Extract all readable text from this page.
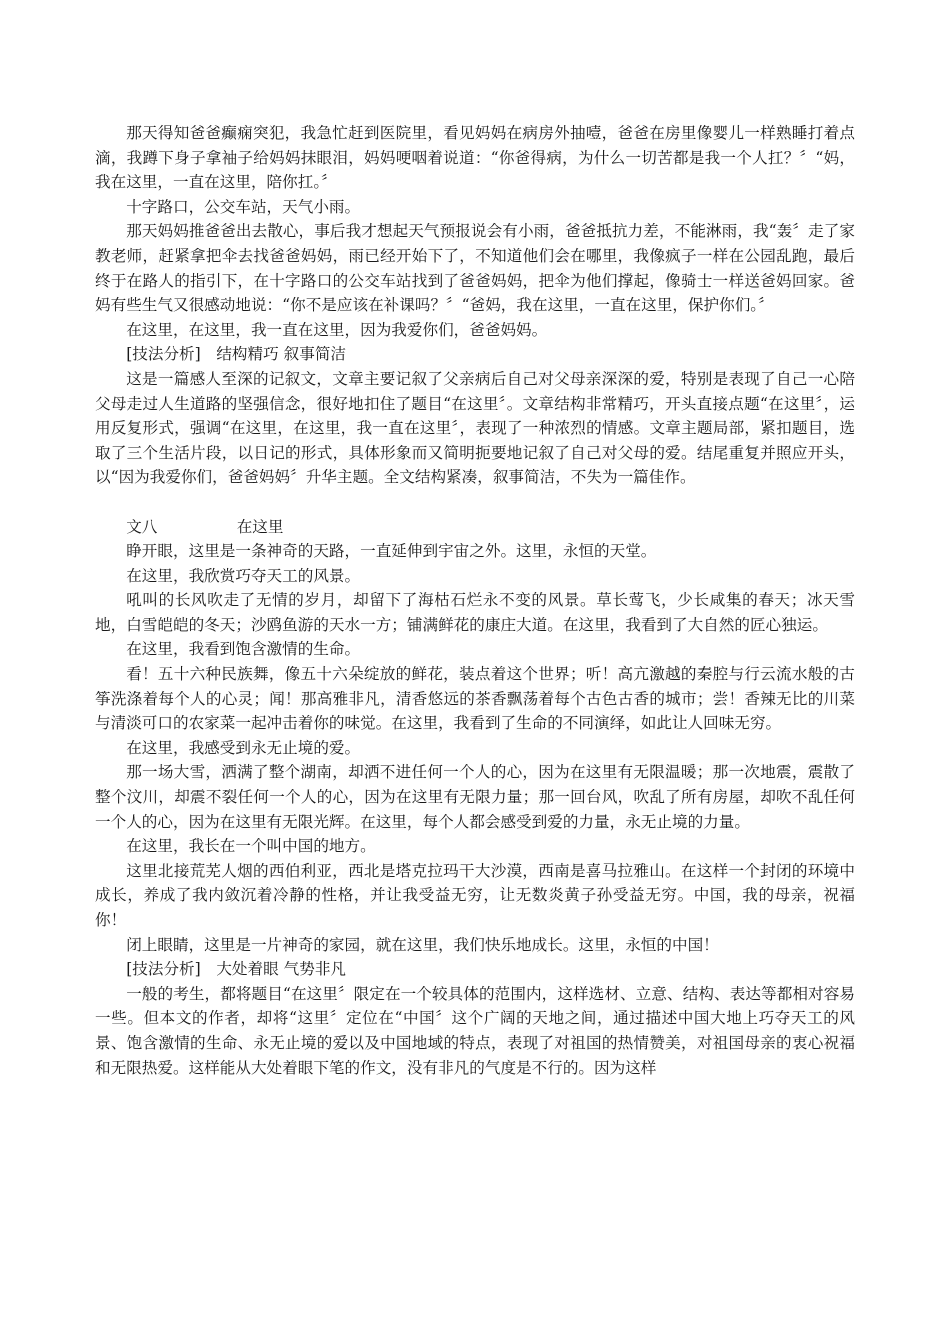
那天得知爸爸癫痫突犯，我急忙赶到医院里，看见妈妈在病房外抽噎，爸爸在房里像婴儿一样熟睡打着点滴，我蹲下身子拿袖子给妈妈抹眼泪，妈妈哽咽着说道：“你爸得病，为什么一切苦都是我一个人扛？〞“妈，我在这里，一直在这里，陪你扛。〞

十字路口，公交车站，天气小雨。

那天妈妈推爸爸出去散心，事后我才想起天气预报说会有小雨，爸爸抵抗力差，不能淋雨，我“轰〞走了家教老师，赶紧拿把伞去找爸爸妈妈，雨已经开始下了，不知道他们会在哪里，我像疯子一样在公园乱跑，最后终于在路人的指引下，在十字路口的公交车站找到了爸爸妈妈，把伞为他们撑起，像骑士一样送爸妈回家。爸妈有些生气又很感动地说：“你不是应该在补课吗？〞“爸妈，我在这里，一直在这里，保护你们。〞

在这里，在这里，我一直在这里，因为我爱你们，爸爸妈妈。

[技法分析]　结构精巧 叙事简洁

这是一篇感人至深的记叙文，文章主要记叙了父亲病后自己对父母亲深深的爱，特别是表现了自己一心陪父母走过人生道路的坚强信念，很好地扣住了题目“在这里〞。文章结构非常精巧，开头直接点题“在这里〞，运用反复形式，强调“在这里，在这里，我一直在这里〞，表现了一种浓烈的情感。文章主题局部，紧扣题目，选取了三个生活片段，以日记的形式，具体形象而又简明扼要地记叙了自己对父母的爱。结尾重复并照应开头，以“因为我爱你们，爸爸妈妈〞升华主题。全文结构紧凑，叙事简洁，不失为一篇佳作。

文八	在这里

睁开眼，这里是一条神奇的天路，一直延伸到宇宙之外。这里，永恒的天堂。

在这里，我欣赏巧夺天工的风景。

吼叫的长风吹走了无情的岁月，却留下了海枯石烂永不变的风景。草长莺飞，少长咸集的春天；冰天雪地，白雪皑皑的冬天；沙鸥鱼游的天水一方；铺满鲜花的康庄大道。在这里，我看到了大自然的匠心独运。

在这里，我看到饱含激情的生命。

看！五十六种民族舞，像五十六朵绽放的鲜花，装点着这个世界；听！高亢激越的秦腔与行云流水般的古筝洗涤着每个人的心灵；闻！那高雅非凡，清香悠远的茶香飘荡着每个古色古香的城市；尝！香辣无比的川菜与清淡可口的农家菜一起冲击着你的味觉。在这里，我看到了生命的不同演绎，如此让人回味无穷。

在这里，我感受到永无止境的爱。

那一场大雪，洒满了整个湖南，却洒不进任何一个人的心，因为在这里有无限温暖；那一次地震，震散了整个汶川，却震不裂任何一个人的心，因为在这里有无限力量；那一回台风，吹乱了所有房屋，却吹不乱任何一个人的心，因为在这里有无限光辉。在这里，每个人都会感受到爱的力量，永无止境的力量。

在这里，我长在一个叫中国的地方。

这里北接荒芜人烟的西伯利亚，西北是塔克拉玛干大沙漠，西南是喜马拉雅山。在这样一个封闭的环境中成长，养成了我内敛沉着冷静的性格，并让我受益无穷，让无数炎黄子孙受益无穷。中国，我的母亲，祝福你！

闭上眼睛，这里是一片神奇的家园，就在这里，我们快乐地成长。这里，永恒的中国！

[技法分析]　大处着眼 气势非凡

一般的考生，都将题目“在这里〞限定在一个较具体的范围内，这样选材、立意、结构、表达等都相对容易一些。但本文的作者，却将“这里〞定位在“中国〞这个广阔的天地之间，通过描述中国大地上巧夺天工的风景、饱含激情的生命、永无止境的爱以及中国地域的特点，表现了对祖国的热情赞美，对祖国母亲的衷心祝福和无限热爱。这样能从大处着眼下笔的作文，没有非凡的气度是不行的。因为这样
